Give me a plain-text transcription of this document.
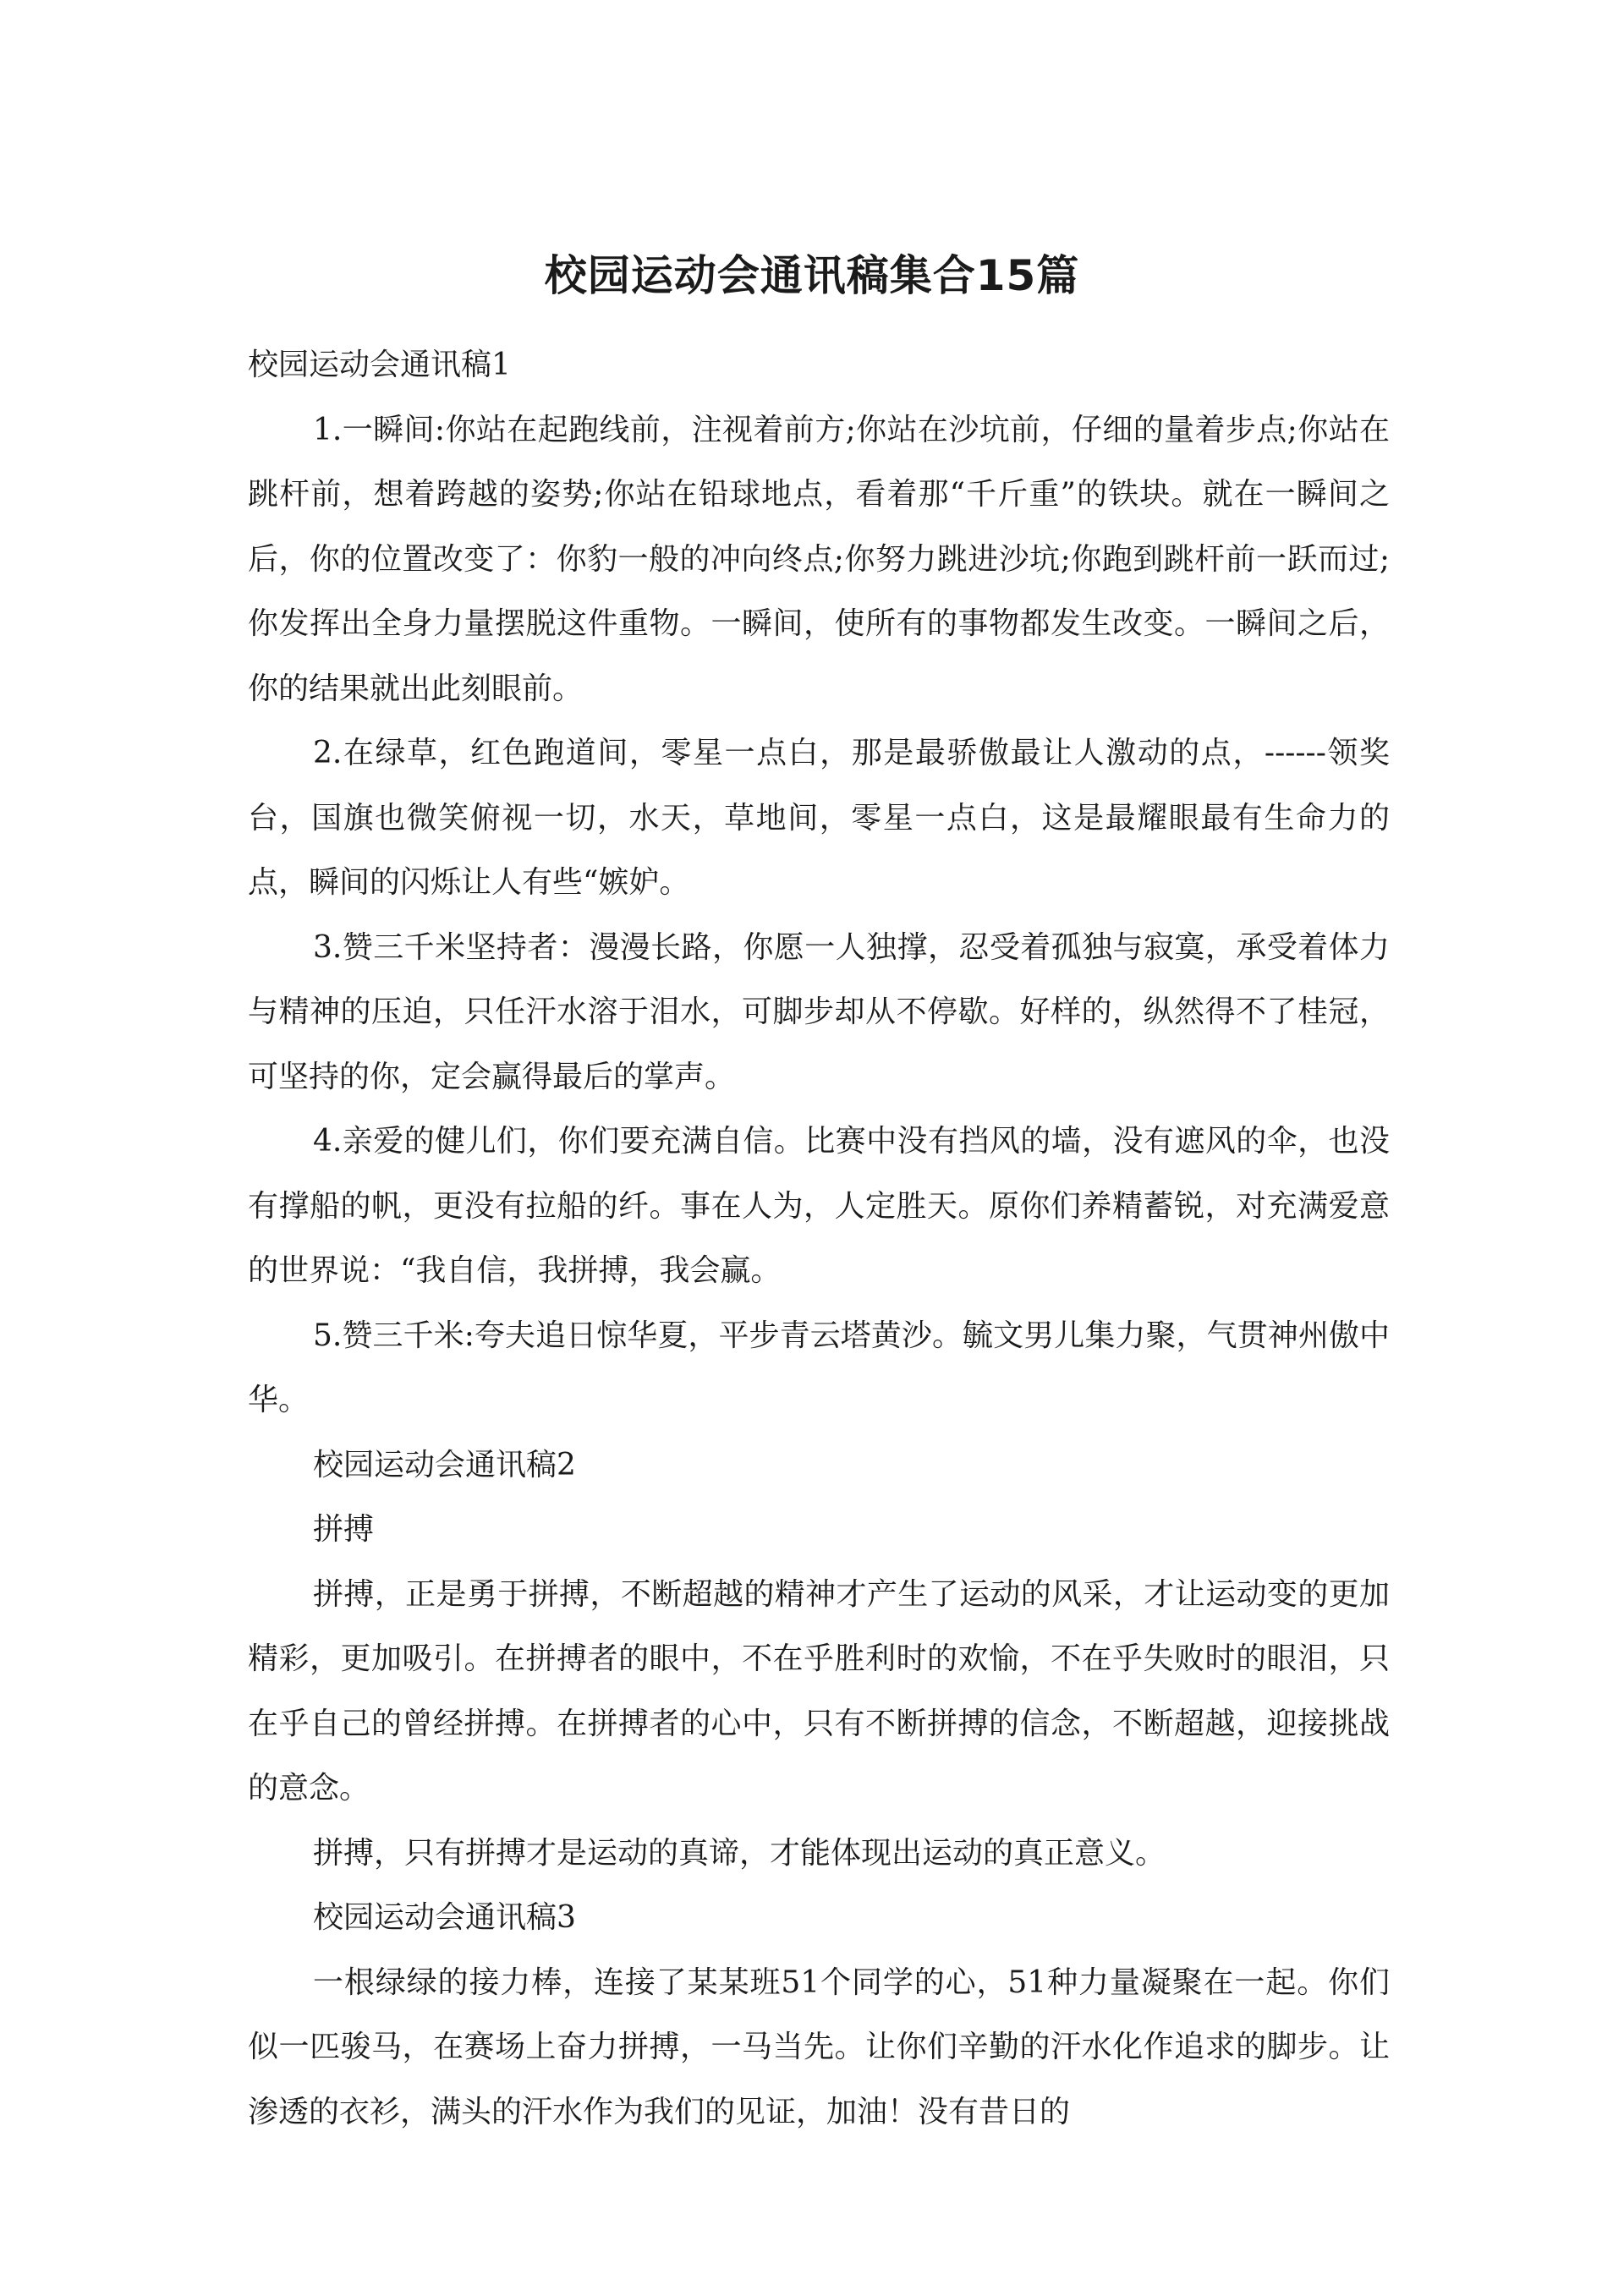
校园运动会通讯稿集合15篇

校园运动会通讯稿1

1.一瞬间:你站在起跑线前，注视着前方;你站在沙坑前，仔细的量着步点;你站在跳杆前，想着跨越的姿势;你站在铅球地点，看着那“千斤重”的铁块。就在一瞬间之后，你的位置改变了：你豹一般的冲向终点;你努力跳进沙坑;你跑到跳杆前一跃而过;你发挥出全身力量摆脱这件重物。一瞬间，使所有的事物都发生改变。一瞬间之后，你的结果就出此刻眼前。

2.在绿草，红色跑道间，零星一点白，那是最骄傲最让人激动的点，------领奖台，国旗也微笑俯视一切，水天，草地间，零星一点白，这是最耀眼最有生命力的点，瞬间的闪烁让人有些“嫉妒。

3.赞三千米坚持者：漫漫长路，你愿一人独撑，忍受着孤独与寂寞，承受着体力与精神的压迫，只任汗水溶于泪水，可脚步却从不停歇。好样的，纵然得不了桂冠，可坚持的你，定会赢得最后的掌声。

4.亲爱的健儿们，你们要充满自信。比赛中没有挡风的墙，没有遮风的伞，也没有撑船的帆，更没有拉船的纤。事在人为，人定胜天。原你们养精蓄锐，对充满爱意的世界说：“我自信，我拼搏，我会赢。

5.赞三千米:夸夫追日惊华夏，平步青云塔黄沙。毓文男儿集力聚，气贯神州傲中华。

校园运动会通讯稿2

拼搏

拼搏，正是勇于拼搏，不断超越的精神才产生了运动的风采，才让运动变的更加精彩，更加吸引。在拼搏者的眼中，不在乎胜利时的欢愉，不在乎失败时的眼泪，只在乎自己的曾经拼搏。在拼搏者的心中，只有不断拼搏的信念，不断超越，迎接挑战的意念。

拼搏，只有拼搏才是运动的真谛，才能体现出运动的真正意义。

校园运动会通讯稿3

一根绿绿的接力棒，连接了某某班51个同学的心，51种力量凝聚在一起。你们似一匹骏马，在赛场上奋力拼搏，一马当先。让你们辛勤的汗水化作追求的脚步。让渗透的衣衫，满头的汗水作为我们的见证，加油！没有昔日的
